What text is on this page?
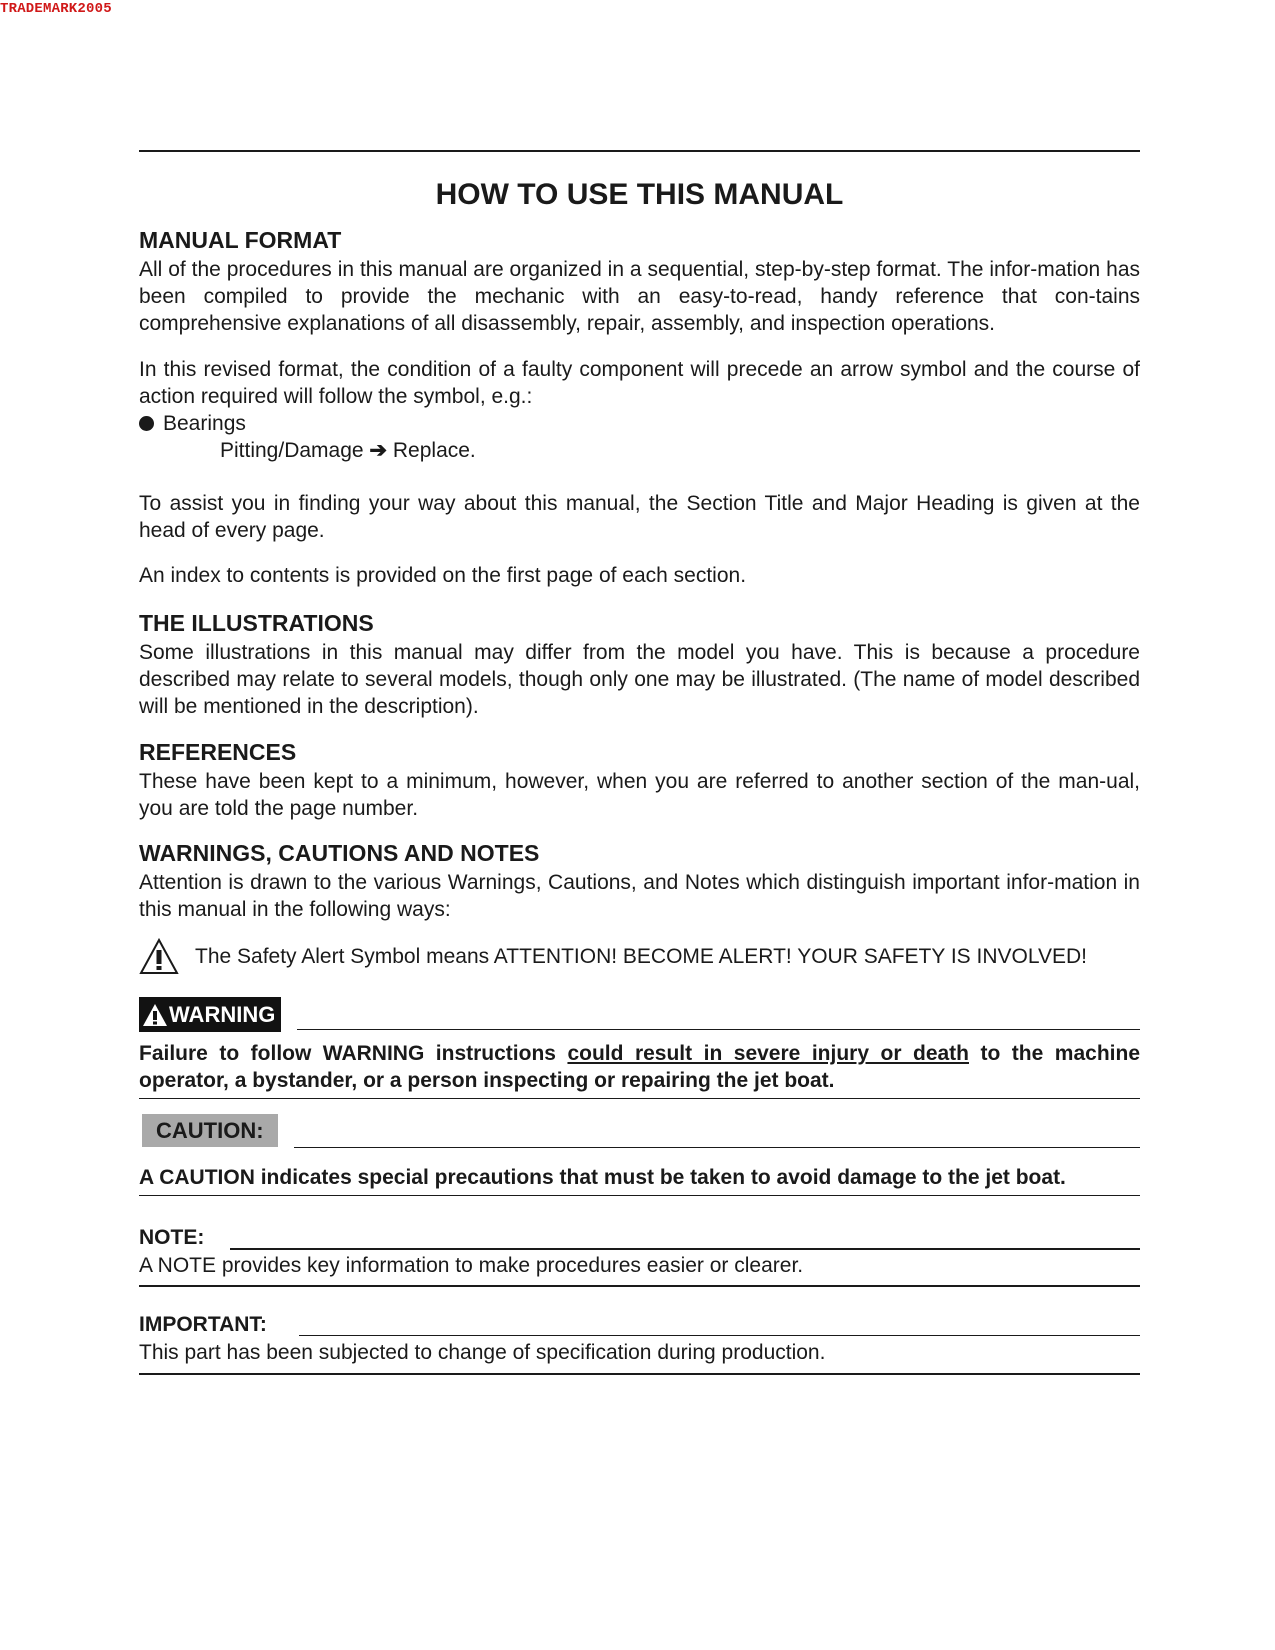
TRADEMARK2005
HOW TO USE THIS MANUAL
MANUAL FORMAT

All of the procedures in this manual are organized in a sequential, step-by-step format. The infor-mation has been compiled to provide the mechanic with an easy-to-read, handy reference that con-tains comprehensive explanations of all disassembly, repair, assembly, and inspection operations.

In this revised format, the condition of a faulty component will precede an arrow symbol and the course of action required will follow the symbol, e.g.:

Bearings
Pitting/Damage ➔ Replace.

To assist you in finding your way about this manual, the Section Title and Major Heading is given at the head of every page.

An index to contents is provided on the first page of each section.

THE ILLUSTRATIONS

Some illustrations in this manual may differ from the model you have. This is because a procedure described may relate to several models, though only one may be illustrated. (The name of model described will be mentioned in the description).

REFERENCES

These have been kept to a minimum, however, when you are referred to another section of the man-ual, you are told the page number.

WARNINGS, CAUTIONS AND NOTES

Attention is drawn to the various Warnings, Cautions, and Notes which distinguish important infor-mation in this manual in the following ways:

The Safety Alert Symbol means ATTENTION! BECOME ALERT! YOUR SAFETY IS INVOLVED!
WARNING

Failure to follow WARNING instructions could result in severe injury or death to the machine operator, a bystander, or a person inspecting or repairing the jet boat.

CAUTION:

A CAUTION indicates special precautions that must be taken to avoid damage to the jet boat.

NOTE:

A NOTE provides key information to make procedures easier or clearer.

IMPORTANT:

This part has been subjected to change of specification during production.
